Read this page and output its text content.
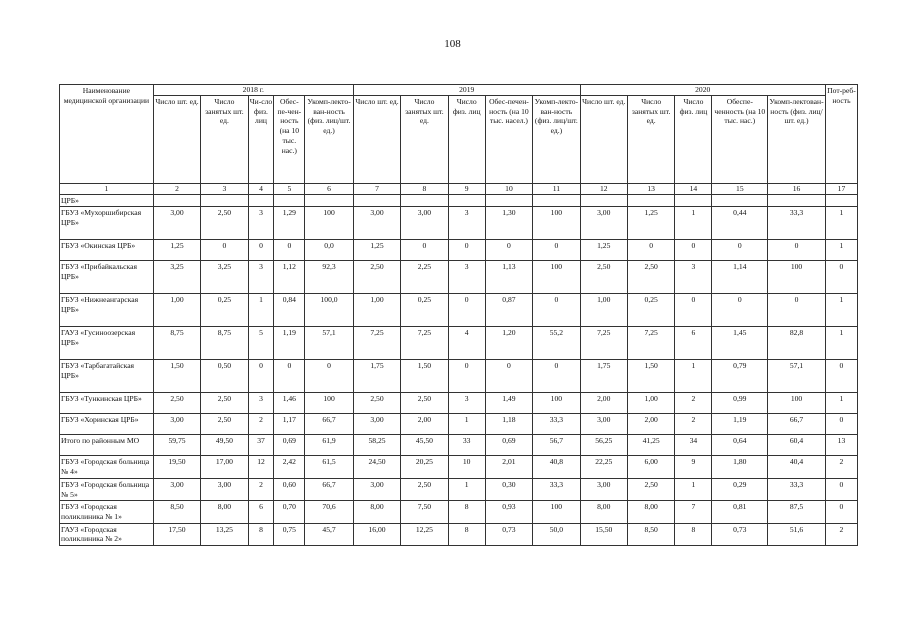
108
Наименование медицинской организации	2018 г.					2019					2020					Пот-реб-ность
	Число шт. ед.	Число занятых шт. ед.	Чи-сло физ. лиц	Обес-пе-чен-ность (на 10 тыс. нас.)	Укомп-лекто-ван-ность (физ. лиц/шт. ед.)	Число шт. ед.	Число занятых шт. ед.	Число физ. лиц	Обес-печен-ность (на 10 тыс. насел.)	Укомп-лекто-ван-ность (физ. лиц/шт. ед.)	Число шт. ед.	Число занятых шт. ед.	Число физ. лиц	Обеспе-ченность (на 10 тыс. нас.)	Укомп-лектован-ность (физ. лиц/шт. ед.)	
1	2	3	4	5	6	7	8	9	10	11	12	13	14	15	16	17
ЦРБ»																
ГБУЗ «Мухоршибирская ЦРБ»	3,00	2,50	3	1,29	100	3,00	3,00	3	1,30	100	3,00	1,25	1	0,44	33,3	1
ГБУЗ «Окинская ЦРБ»	1,25	0	0	0	0,0	1,25	0	0	0	0	1,25	0	0	0	0	1
ГБУЗ «Прибайкальская ЦРБ»	3,25	3,25	3	1,12	92,3	2,50	2,25	3	1,13	100	2,50	2,50	3	1,14	100	0
ГБУЗ «Нижнеангарская ЦРБ»	1,00	0,25	1	0,84	100,0	1,00	0,25	0	0,87	0	1,00	0,25	0	0	0	1
ГАУЗ «Гусиноозерская ЦРБ»	8,75	8,75	5	1,19	57,1	7,25	7,25	4	1,20	55,2	7,25	7,25	6	1,45	82,8	1
ГБУЗ «Тарбагатайская ЦРБ»	1,50	0,50	0	0	0	1,75	1,50	0	0	0	1,75	1,50	1	0,79	57,1	0
ГБУЗ «Тункинская ЦРБ»	2,50	2,50	3	1,46	100	2,50	2,50	3	1,49	100	2,00	1,00	2	0,99	100	1
ГБУЗ «Хоринская ЦРБ»	3,00	2,50	2	1,17	66,7	3,00	2,00	1	1,18	33,3	3,00	2,00	2	1,19	66,7	0
Итого по районным МО	59,75	49,50	37	0,69	61,9	58,25	45,50	33	0,69	56,7	56,25	41,25	34	0,64	60,4	13
ГБУЗ «Городская больница № 4»	19,50	17,00	12	2,42	61,5	24,50	20,25	10	2,01	40,8	22,25	6,00	9	1,80	40,4	2
ГБУЗ «Городская больница № 5»	3,00	3,00	2	0,60	66,7	3,00	2,50	1	0,30	33,3	3,00	2,50	1	0,29	33,3	0
ГБУЗ «Городская поликлиника № 1»	8,50	8,00	6	0,70	70,6	8,00	7,50	8	0,93	100	8,00	8,00	7	0,81	87,5	0
ГАУЗ «Городская поликлиника № 2»	17,50	13,25	8	0,75	45,7	16,00	12,25	8	0,73	50,0	15,50	8,50	8	0,73	51,6	2
